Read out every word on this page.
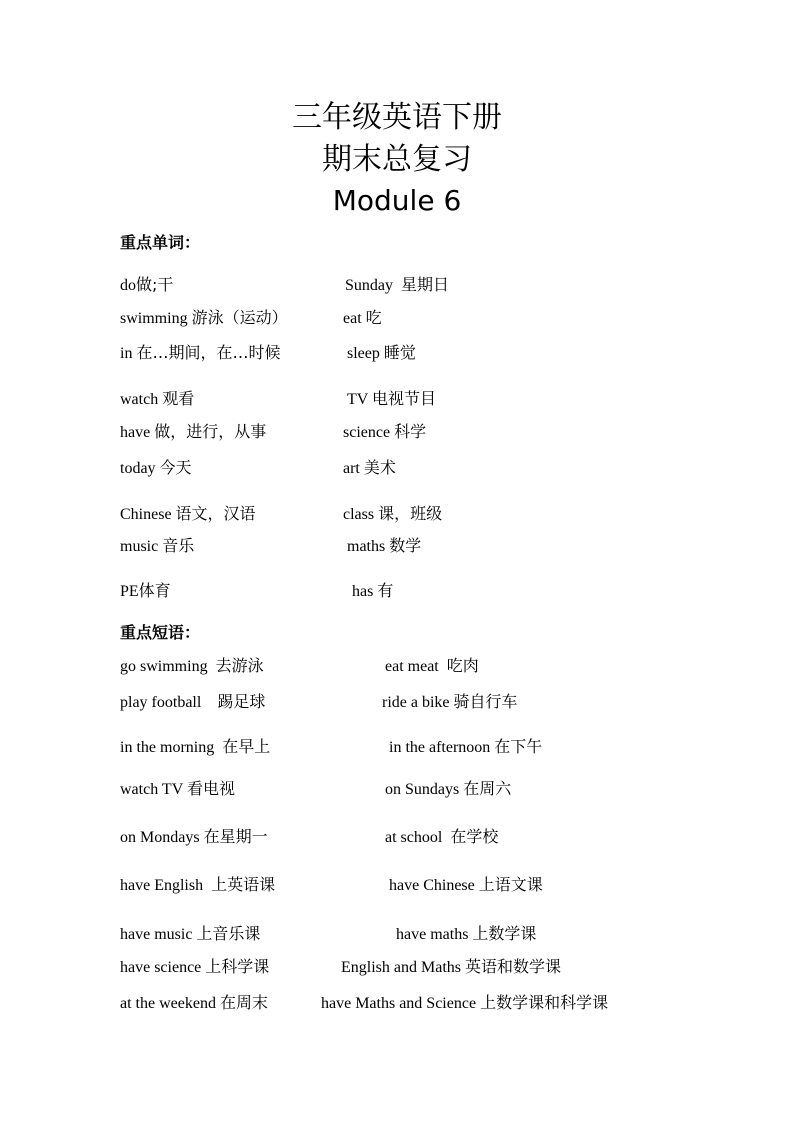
三年级英语下册
期末总复习
Module 6
重点单词：
do做;干
swimming 游泳（运动）
in 在…期间，在…时候
watch 观看
have 做，进行，从事
today 今天
Chinese 语文，汉语
music 音乐
PE体育
Sunday 星期日
eat 吃
sleep 睡觉
TV 电视节目
science 科学
art 美术
class 课，班级
maths 数学
has 有
重点短语：
go swimming 去游泳
play football 踢足球
in the morning 在早上
watch TV 看电视
on Mondays 在星期一
have English 上英语课
have music 上音乐课
have science 上科学课
at the weekend 在周末
eat meat 吃肉
ride a bike 骑自行车
in the afternoon 在下午
on Sundays 在周六
at school 在学校
have Chinese 上语文课
have maths 上数学课
English and Maths 英语和数学课
have Maths and Science 上数学课和科学课
